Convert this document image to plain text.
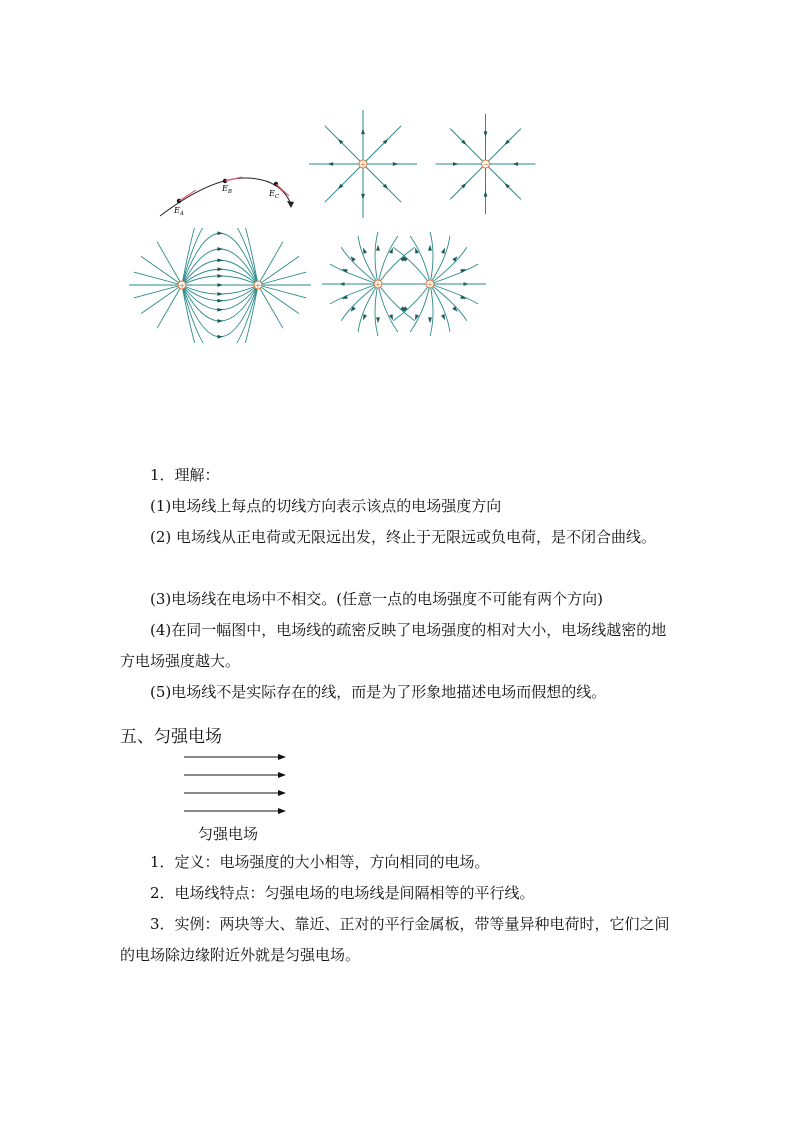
$E_A$
$E_B$	$E_C$
+	−
+	+	+	+

1．理解：

(1)电场线上每点的切线方向表示该点的电场强度方向

(2) 电场线从正电荷或无限远出发，终止于无限远或负电荷，是不闭合曲线。

(3)电场线在电场中不相交。(任意一点的电场强度不可能有两个方向)

(4)在同一幅图中，电场线的疏密反映了电场强度的相对大小，电场线越密的地方电场强度越大。

(5)电场线不是实际存在的线，而是为了形象地描述电场而假想的线。

五、匀强电场

匀强电场

1．定义：电场强度的大小相等，方向相同的电场。

2．电场线特点：匀强电场的电场线是间隔相等的平行线。

3．实例：两块等大、靠近、正对的平行金属板，带等量异种电荷时，它们之间的电场除边缘附近外就是匀强电场。
